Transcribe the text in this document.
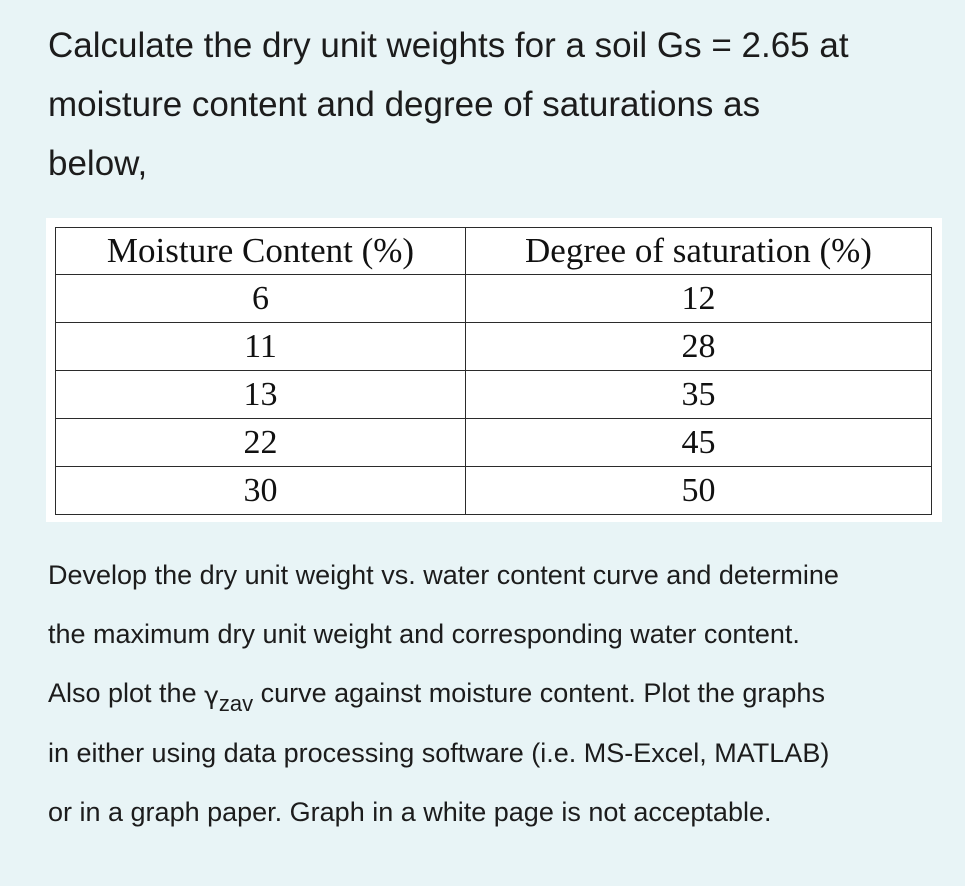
Calculate the dry unit weights for a soil Gs = 2.65 at
moisture content and degree of saturations as
below,
Moisture Content (%)	Degree of saturation (%)
6	12
11	28
13	35
22	45
30	50
Develop the dry unit weight vs. water content curve and determine
the maximum dry unit weight and corresponding water content.
Also plot the $\gamma_{zav}$ curve against moisture content. Plot the graphs
in either using data processing software (i.e. MS-Excel, MATLAB)
or in a graph paper. Graph in a white page is not acceptable.
